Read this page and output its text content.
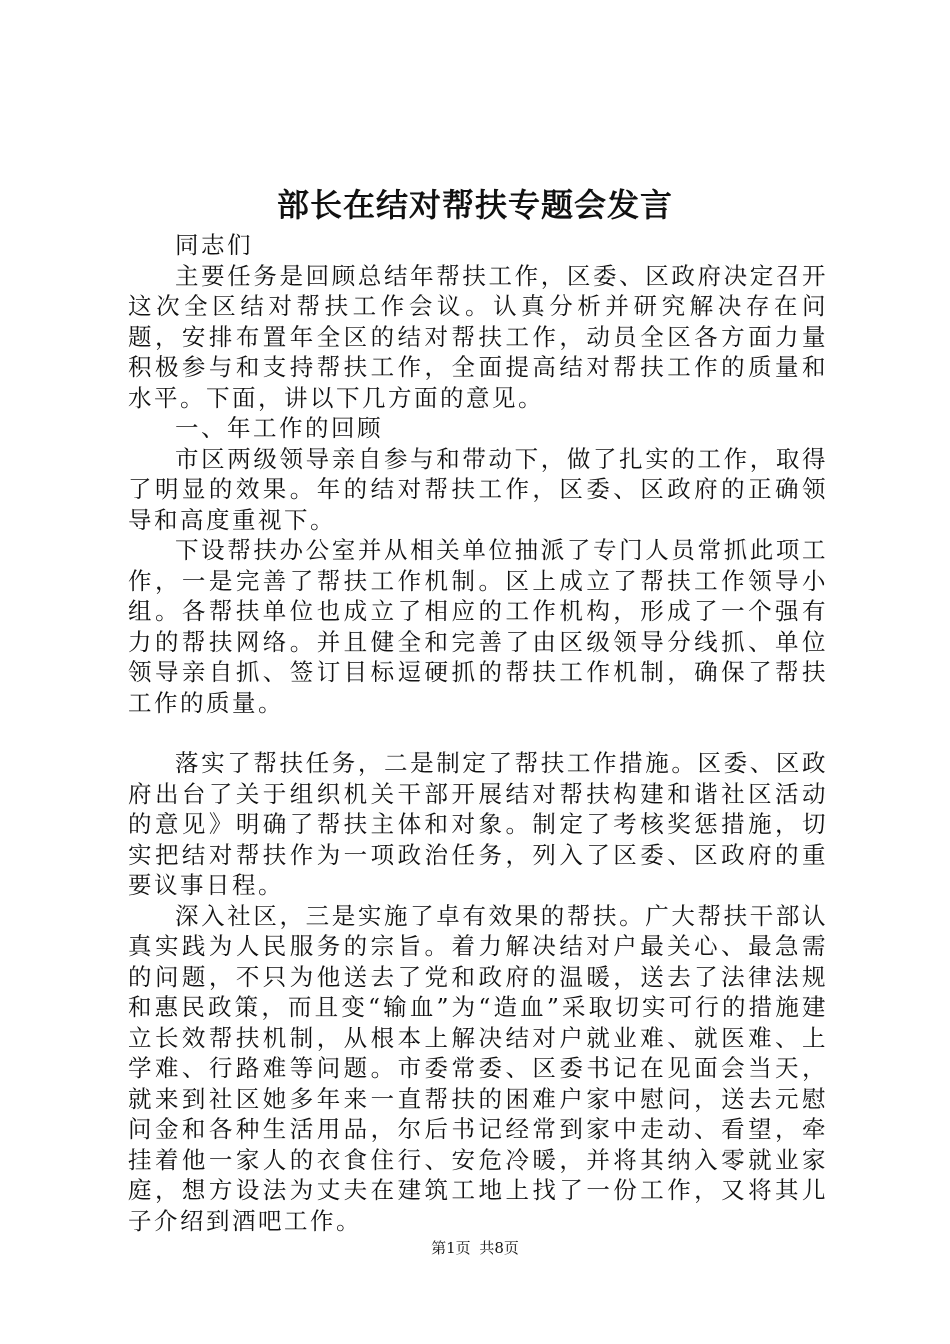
部长在结对帮扶专题会发言

同志们

主要任务是回顾总结年帮扶工作，区委、区政府决定召开这次全区结对帮扶工作会议。认真分析并研究解决存在问题，安排布置年全区的结对帮扶工作，动员全区各方面力量积极参与和支持帮扶工作，全面提高结对帮扶工作的质量和水平。下面，讲以下几方面的意见。

一、年工作的回顾

市区两级领导亲自参与和带动下，做了扎实的工作，取得了明显的效果。年的结对帮扶工作，区委、区政府的正确领导和高度重视下。

下设帮扶办公室并从相关单位抽派了专门人员常抓此项工作，一是完善了帮扶工作机制。区上成立了帮扶工作领导小组。各帮扶单位也成立了相应的工作机构，形成了一个强有力的帮扶网络。并且健全和完善了由区级领导分线抓、单位领导亲自抓、签订目标逗硬抓的帮扶工作机制，确保了帮扶工作的质量。

落实了帮扶任务，二是制定了帮扶工作措施。区委、区政府出台了关于组织机关干部开展结对帮扶构建和谐社区活动的意见》明确了帮扶主体和对象。制定了考核奖惩措施，切实把结对帮扶作为一项政治任务，列入了区委、区政府的重要议事日程。

深入社区，三是实施了卓有效果的帮扶。广大帮扶干部认真实践为人民服务的宗旨。着力解决结对户最关心、最急需的问题，不只为他送去了党和政府的温暖，送去了法律法规和惠民政策，而且变“输血”为“造血”采取切实可行的措施建立长效帮扶机制，从根本上解决结对户就业难、就医难、上学难、行路难等问题。市委常委、区委书记在见面会当天，就来到社区她多年来一直帮扶的困难户家中慰问，送去元慰问金和各种生活用品，尔后书记经常到家中走动、看望，牵挂着他一家人的衣食住行、安危冷暖，并将其纳入零就业家庭，想方设法为丈夫在建筑工地上找了一份工作，又将其儿子介绍到酒吧工作。

第1页 共8页
